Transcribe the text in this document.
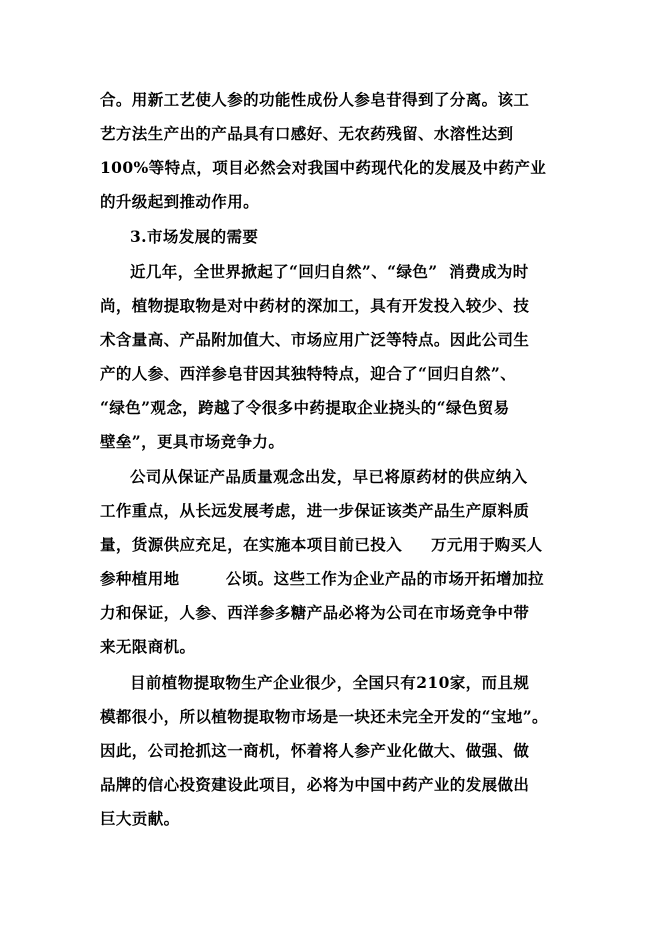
合。用新工艺使人参的功能性成份人参皂苷得到了分离。该工
艺方法生产出的产品具有口感好、无农药残留、水溶性达到
100%等特点，项目必然会对我国中药现代化的发展及中药产业
的升级起到推动作用。
3.市场发展的需要
近几年，全世界掀起了“回归自然”、“绿色”  消费成为时
尚，植物提取物是对中药材的深加工，具有开发投入较少、技
术含量高、产品附加值大、市场应用广泛等特点。因此公司生
产的人参、西洋参皂苷因其独特特点，迎合了“回归自然”、
“绿色”观念，跨越了令很多中药提取企业挠头的“绿色贸易
壁垒”，更具市场竞争力。
公司从保证产品质量观念出发，早已将原药材的供应纳入
工作重点，从长远发展考虑，进一步保证该类产品生产原料质
量，货源供应充足，在实施本项目前已投入     万元用于购买人
参种植用地        公顷。这些工作为企业产品的市场开拓增加拉
力和保证，人参、西洋参多糖产品必将为公司在市场竞争中带
来无限商机。
目前植物提取物生产企业很少，全国只有210家，而且规
模都很小，所以植物提取物市场是一块还未完全开发的“宝地”。
因此，公司抢抓这一商机，怀着将人参产业化做大、做强、做
品牌的信心投资建设此项目，必将为中国中药产业的发展做出
巨大贡献。
